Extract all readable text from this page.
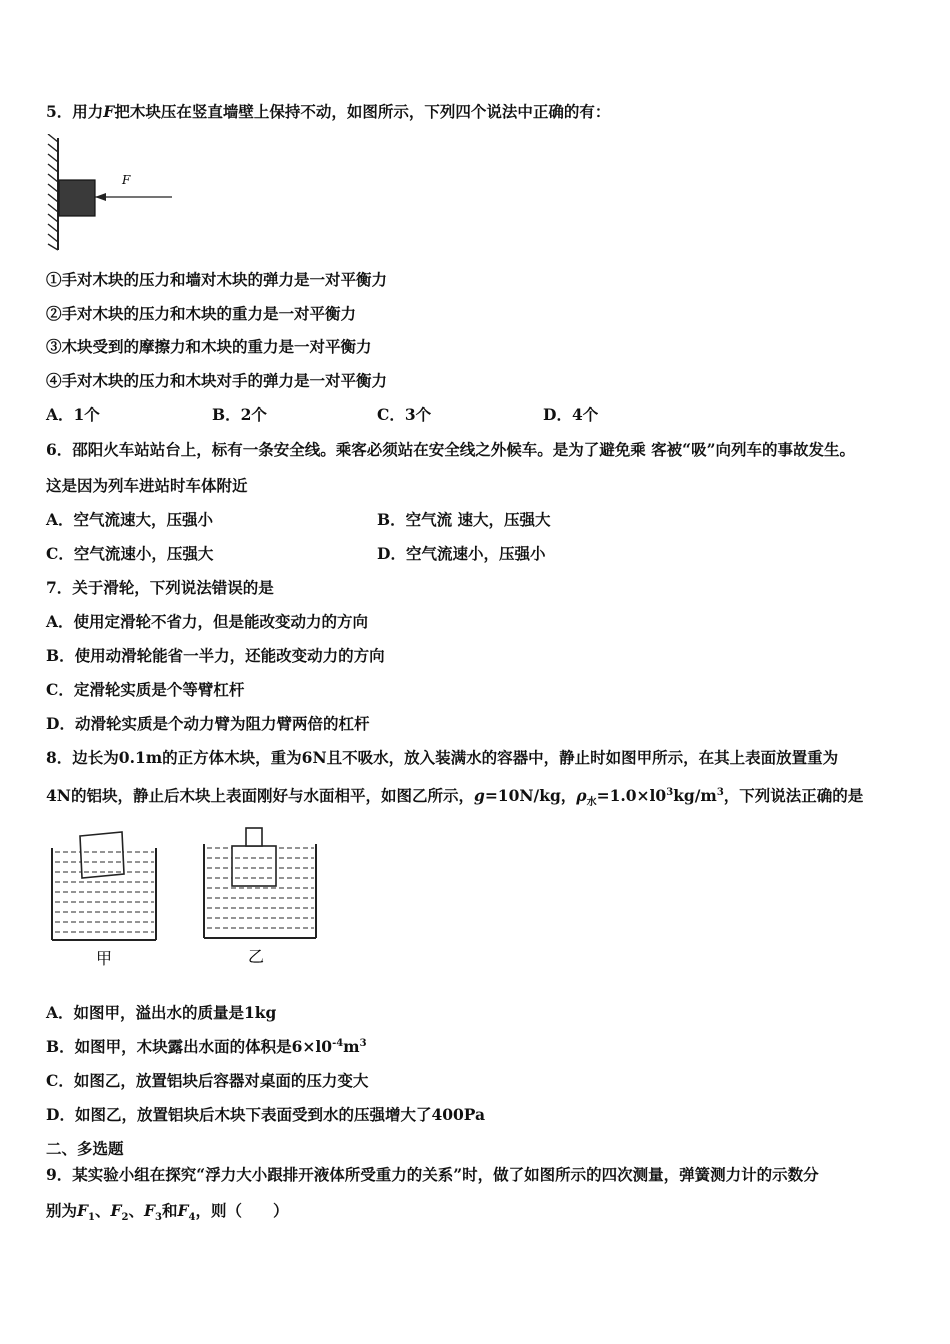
5．用力F把木块压在竖直墙壁上保持不动，如图所示，下列四个说法中正确的有：
F
①手对木块的压力和墙对木块的弹力是一对平衡力
②手对木块的压力和木块的重力是一对平衡力
③木块受到的摩擦力和木块的重力是一对平衡力
④手对木块的压力和木块对手的弹力是一对平衡力
A．1个	B．2个	C．3个	D．4个
6．邵阳火车站站台上，标有一条安全线。乘客必须站在安全线之外候车。是为了避免乘 客被“吸”向列车的事故发生。
这是因为列车进站时车体附近
A．空气流速大，压强小	B．空气流 速大，压强大
C．空气流速小，压强大	D．空气流速小，压强小
7．关于滑轮，下列说法错误的是
A．使用定滑轮不省力，但是能改变动力的方向
B．使用动滑轮能省一半力，还能改变动力的方向
C．定滑轮实质是个等臂杠杆
D．动滑轮实质是个动力臂为阻力臂两倍的杠杆
8．边长为0.1m的正方体木块，重为6N且不吸水，放入装满水的容器中，静止时如图甲所示，在其上表面放置重为
4N的铝块，静止后木块上表面刚好与水面相平，如图乙所示，g=10N/kg，$\rho_水=1.0\times l0^3kg/m^3$，下列说法正确的是
甲	乙
A．如图甲，溢出水的质量是1kg
B．如图甲，木块露出水面的体积是$6\times l0^{-4}m^3$
C．如图乙，放置铝块后容器对桌面的压力变大
D．如图乙，放置铝块后木块下表面受到水的压强增大了400Pa
二、多选题
9．某实验小组在探究“浮力大小跟排开液体所受重力的关系”时，做了如图所示的四次测量，弹簧测力计的示数分
别为$F_1$、$F_2$、$F_3$和$F_4$，则（　　）
